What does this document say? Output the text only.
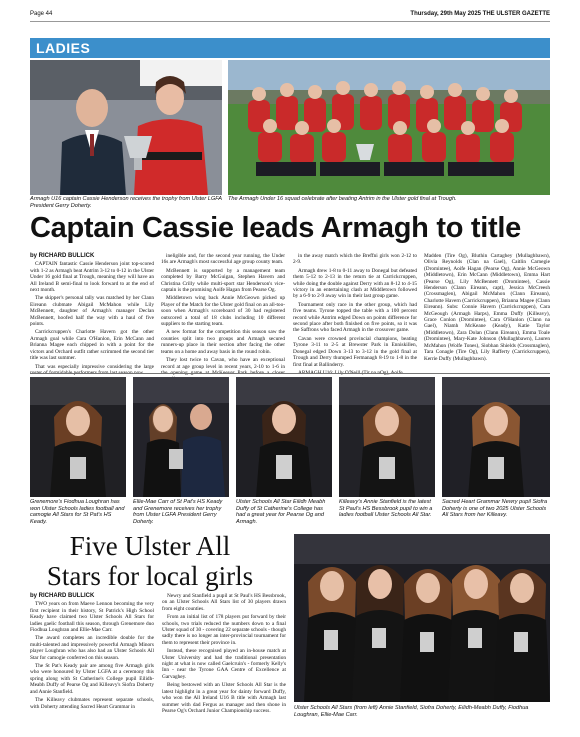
Page 44	Thursday, 29th May 2025 THE ULSTER GAZETTE
LADIES
Armagh U16 captain Cassie Henderson receives the trophy from Ulster LGFA President Gerry Doherty.
The Armagh Under 16 squad celebrate after beating Antrim in the Ulster gold final at Trough.
Captain Cassie leads Armagh to title
by RICHARD BULLICK

CAPTAIN fantastic Cassie Henderson joint top-scored with 1-2 as Armagh beat Antrim 3-12 to 0-12 in the Ulster Under 16 gold final at Trough, meaning they will have an All Ireland B semi-final to look forward to at the end of next month.

The skipper's personal tally was matched by her Clann Eireann clubmate Abigail McMahon while Lily McBennett, daughter of Armagh's manager Declan McBennett, hoofed half the way with a haul of five points.

Carrickcruppen's Charlotte Havern got the other Armagh goal while Cara O'Hanlon, Erin McCann and Brianna Magee each chipped in with a point for the victors and Orchard outfit rather scrimmed the second tier title was last summer.

That was especially impressive considering the large roster of formidable performers from last season now

ineligible and, for the second year running, the Under 16s are Armagh's most successful age group county team.

McBennett is supported by a management team completed by Barry McGuigan, Stephen Havern and Christina Crilly while multi-sport star Henderson's vice-captain is the promising Aoife Hagan from Pearse Og.

Middletown wing back Annie McGeown picked up Player of the Match for the Ulster gold final on an all-too-soon when Armagh's scoreboard of 30 had registered outscored a total of 18 clubs including 10 different suppliers to the starting team.

A new format for the competition this season saw the counties split into two groups and Armagh secured runners-up place in their section after facing the other teams on a home and away basis in the round robin.

They lost twice to Cavan, who have an exceptional record at age group level in recent years, 2-10 to 1-6 in the opening game at McKeever Park before a closer

in the away match which the Breffni girls won 2-12 to 2-9.

Armagh drew 1-8 to 0-11 away to Donegal but defeated them 5-12 to 2-13 in the return tie at Carrickcruppen, while doing the double against Derry with an 8-12 to 4-15 victory in an entertaining clash at Middletown followed by a 6-9 to 2-9 away win in their last group game.

Tournament only race in the other group, which had five teams. Tyrone topped the table with a 100 percent record while Antrim edged Down on points difference for second place after both finished on five points, so it was the Saffrons who faced Armagh in the crossover game.

Cavan were crowned provincial champions, beating Tyrone 3-11 to 2-5 at Brewster Park in Enniskillen, Donegal edged Down 3-13 to 3-12 in the gold final at Trough and Derry thumped Fermanagh 8-19 to 1-8 in the first final at Ballinderry.

ARMAGH U16: Lily O'Neill (Tir na nOg), Aoife

Madden (Tire Og), Bluthin Cartaghey (Mullaghbawn), Olivia Reynolds (Clan na Gael), Caitlin Carnegie (Dromintee), Aoife Hagan (Pearse Og), Annie McGeown (Middletown), Erin McCann (Middletown), Emma Hart (Pearse Og), Lily McBennett (Dromintee), Cassie Henderson (Clann Eireann, capt), Jessica McCreesh (Crossmaglen), Abigail McMahon (Clann Eireann), Charlotte Havern (Carrickcruppen), Brianna Magee (Clann Eireann). Subs: Connie Havern (Carrickcruppen), Cara McGeough (Armagh Harps), Emma Duffy (Killeavy), Grace Conlon (Dromintee), Cara O'Hanlon (Clann na Gael), Niamh McKeane (Keady), Katie Taylor (Middletown), Zara Dolan (Clann Eireann), Emma Toale (Dromintee), Mary-Kate Johnson (Mullaghbawn), Lauren McMahon (Wolfe Tones), Siobhan Shields (Crossmaglen), Tara Conagle (Tire Og), Lily Rafferty (Carrickcruppen), Kerrie Duffy (Mullaghbawn).

Grenemore's Fiodhua Loughran has won Ulster Schools ladies football and camogie All Stars for St Pat's HS Keady.
Ellie-Mae Carr of St Pat's HS Keady and Grenemore receives her trophy from Ulster LGFA President Gerry Doherty.
Ulster Schools All Star Eilidh Meabh Duffy of St Catherine's College has had a great year for Pearse Og and Armagh.
Killeavy's Annie Stanfield is the latest St Paul's HS Bessbrook pupil to win a ladies football Ulster Schools All Star.
Sacred Heart Grammar Newry pupil Siofra Doherty is one of two 2025 Ulster Schools All Stars from her Killeavy.
Five Ulster All Stars for local girls
by RICHARD BULLICK

TWO years on from Maeve Lennon becoming the very first recipient in their history, St Patrick's High School Keady have claimed two Ulster Schools All Stars for ladies gaelic football this season, through Grenemore duo Fiodhua Loughran and Ellie-Mae Carr.

The award completes an incredible double for the multi-talented and impressively powerful Armagh Minors player Loughran who has also had an Ulster Schools All Star for camogie conferred on this season.

The St Pat's Keady pair are among five Armagh girls who were honoured by Ulster LGFA at a ceremony this spring along with St Catherine's College pupil Eilidh-Meabh Duffy of Pearse Og and Killeavy's Siofra Doherty and Annie Stanfield.

The Killeavy clubmates represent separate schools, with Doherty attending Sacred Heart Grammar in

Newry and Stanfield a pupil at St Paul's HS Bessbrook, on an Ulster Schools All Stars list of 30 players drawn from eight counties.

From an initial list of 178 players put forward by their schools, two trials reduced the numbers down to a final Ulster squad of 30 - covering 22 separate schools - though sadly there is no longer an inter-provincial tournament for them to represent their province in.

Instead, these recognised played an in-house match at Ulster University and had the traditional presentation night at what is now called Gaelcruin's - formerly Kelly's Inn - near the Tyrone GAA Centre of Excellence at Garvaghey.

Being bestowed with an Ulster Schools All Star is the latest highlight in a great year for dainty forward Duffy, who won the All Ireland U16 B title with Armagh last summer with dad Fergus as manager and then shone in Pearse Og's Orchard Junior Championship success.	Ulster Schools All Stars (from left) Annie Stanfield, Siofra Doherty, Eilidh-Meabh Duffy, Fiodhua Loughran, Ellie-Mae Carr.
